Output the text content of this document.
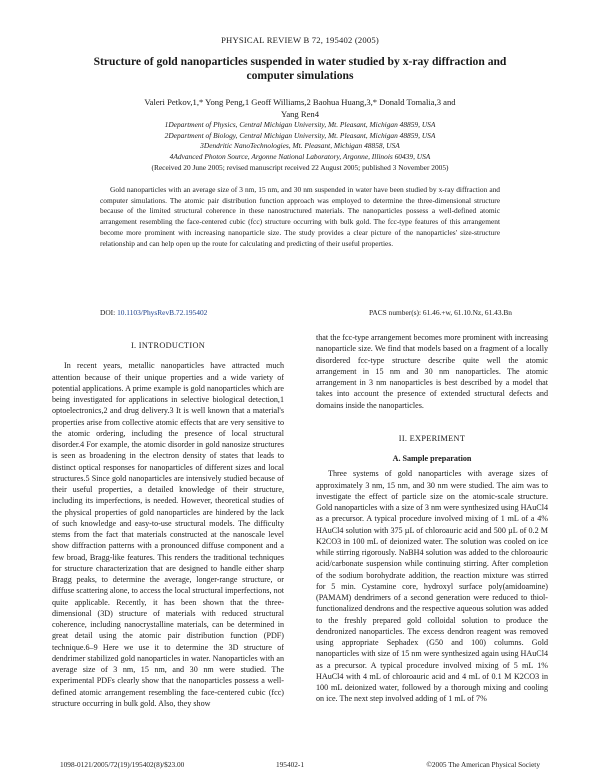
PHYSICAL REVIEW B 72, 195402 (2005)
Structure of gold nanoparticles suspended in water studied by x-ray diffraction and computer simulations
Valeri Petkov,1,* Yong Peng,1 Geoff Williams,2 Baohua Huang,3,* Donald Tomalia,3 and
Yang Ren4
1Department of Physics, Central Michigan University, Mt. Pleasant, Michigan 48859, USA
2Department of Biology, Central Michigan University, Mt. Pleasant, Michigan 48859, USA
3Dendritic NanoTechnologies, Mt. Pleasant, Michigan 48858, USA
4Advanced Photon Source, Argonne National Laboratory, Argonne, Illinois 60439, USA
(Received 20 June 2005; revised manuscript received 22 August 2005; published 3 November 2005)
Gold nanoparticles with an average size of 3 nm, 15 nm, and 30 nm suspended in water have been studied by x-ray diffraction and computer simulations. The atomic pair distribution function approach was employed to determine the three-dimensional structure because of the limited structural coherence in these nanostructured materials. The nanoparticles possess a well-defined atomic arrangement resembling the face-centered cubic (fcc) structure occurring with bulk gold. The fcc-type features of this arrangement become more prominent with increasing nanoparticle size. The study provides a clear picture of the nanoparticles' size-structure relationship and can help open up the route for calculating and predicting of their useful properties.
DOI: 10.1103/PhysRevB.72.195402	PACS number(s): 61.46.+w, 61.10.Nz, 61.43.Bn
I. INTRODUCTION

In recent years, metallic nanoparticles have attracted much attention because of their unique properties and a wide variety of potential applications. A prime example is gold nanoparticles which are being investigated for applications in selective biological detection,1 optoelectronics,2 and drug delivery.3 It is well known that a material's properties arise from collective atomic effects that are very sensitive to the atomic ordering, including the presence of local structural disorder.4 For example, the atomic disorder in gold nanosize structures is seen as broadening in the electron density of states that leads to distinct optical responses for nanoparticles of different sizes and local structures.5 Since gold nanoparticles are intensively studied because of their useful properties, a detailed knowledge of their structure, including its imperfections, is needed. However, theoretical studies of the physical properties of gold nanoparticles are hindered by the lack of such knowledge and easy-to-use structural models. The difficulty stems from the fact that materials constructed at the nanoscale level show diffraction patterns with a pronounced diffuse component and a few broad, Bragg-like features. This renders the traditional techniques for structure characterization that are designed to handle either sharp Bragg peaks, to determine the average, longer-range structure, or diffuse scattering alone, to access the local structural imperfections, not quite applicable. Recently, it has been shown that the three-dimensional (3D) structure of materials with reduced structural coherence, including nanocrystalline materials, can be determined in great detail using the atomic pair distribution function (PDF) technique.6–9 Here we use it to determine the 3D structure of dendrimer stabilized gold nanoparticles in water. Nanoparticles with an average size of 3 nm, 15 nm, and 30 nm were studied. The experimental PDFs clearly show that the nanoparticles possess a well-defined atomic arrangement resembling the face-centered cubic (fcc) structure occurring in bulk gold. Also, they show

that the fcc-type arrangement becomes more prominent with increasing nanoparticle size. We find that models based on a fragment of a locally disordered fcc-type structure describe quite well the atomic arrangement in 15 nm and 30 nm nanoparticles. The atomic arrangement in 3 nm nanoparticles is best described by a model that takes into account the presence of extended structural defects and domains inside the nanoparticles.

II. EXPERIMENT
A. Sample preparation

Three systems of gold nanoparticles with average sizes of approximately 3 nm, 15 nm, and 30 nm were studied. The aim was to investigate the effect of particle size on the atomic-scale structure. Gold nanoparticles with a size of 3 nm were synthesized using HAuCl4 as a precursor. A typical procedure involved mixing of 1 mL of a 4% HAuCl4 solution with 375 µL of chloroauric acid and 500 µL of 0.2 M K2CO3 in 100 mL of deionized water. The solution was cooled on ice while stirring rigorously. NaBH4 solution was added to the chloroauric acid/carbonate suspension while continuing stirring. After completion of the sodium borohydrate addition, the reaction mixture was stirred for 5 min. Cystamine core, hydroxyl surface poly(amidoamine) (PAMAM) dendrimers of a second generation were reduced to thiol-functionalized dendrons and the respective aqueous solution was added to the freshly prepared gold colloidal solution to produce the dendronized nanoparticles. The excess dendron reagent was removed using appropriate Sephadex (G50 and 100) columns. Gold nanoparticles with size of 15 nm were synthesized again using HAuCl4 as a precursor. A typical procedure involved mixing of 5 mL 1% HAuCl4 with 4 mL of chloroauric acid and 4 mL of 0.1 M K2CO3 in 100 mL deionized water, followed by a thorough mixing and cooling on ice. The next step involved adding of 1 mL of 7%

1098-0121/2005/72(19)/195402(8)/$23.00	195402-1	©2005 The American Physical Society
